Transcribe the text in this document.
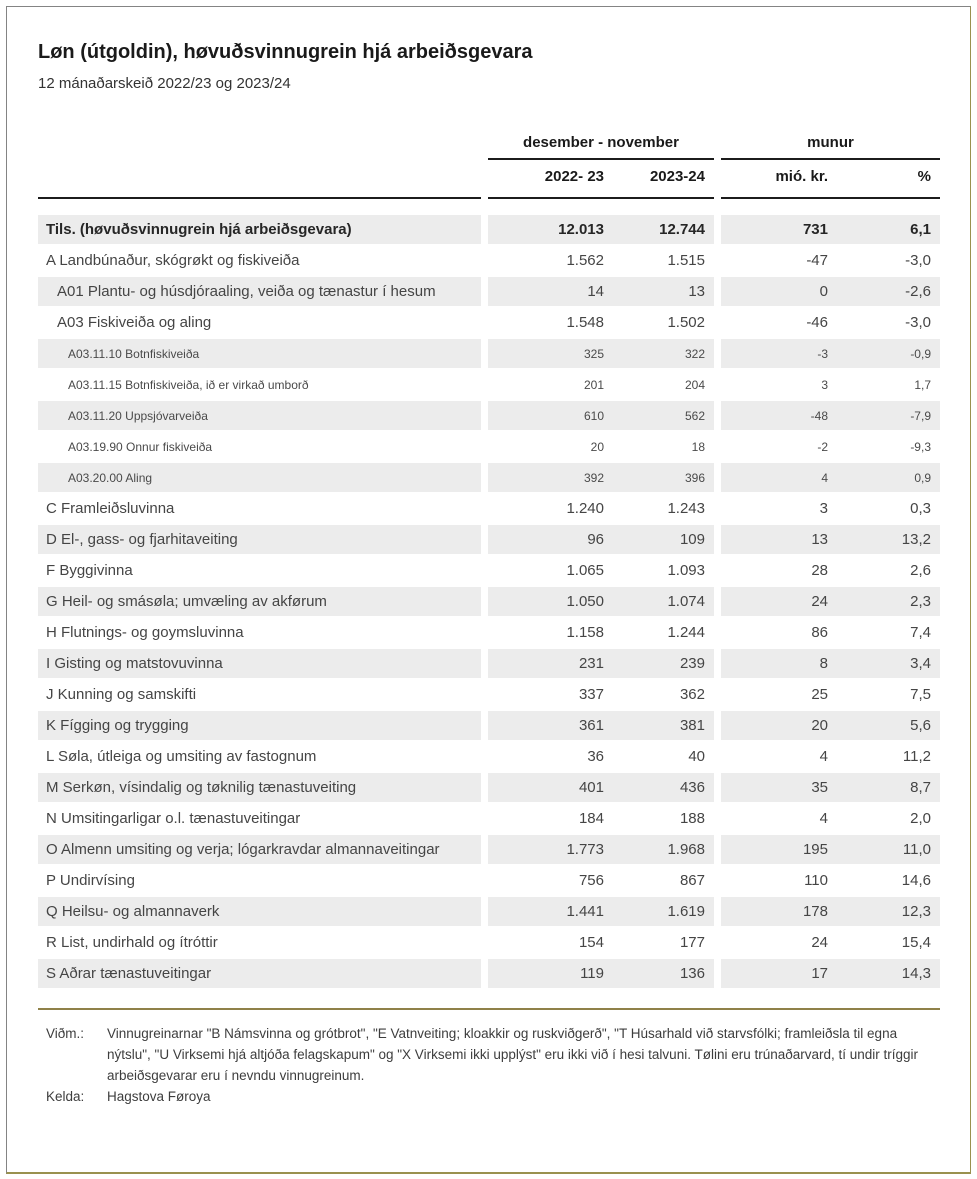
Løn (útgoldin), høvuðsvinnugrein hjá arbeiðsgevara
12 mánaðarskeið 2022/23 og 2023/24
desember - november	munur
2022- 23	2023-24	mió. kr.	%
Tils. (høvuðsvinnugrein hjá arbeiðsgevara)	12.013	12.744	731	6,1
A Landbúnaður, skógrøkt og fiskiveiða	1.562	1.515	-47	-3,0
A01 Plantu- og húsdjóraaling, veiða og tænastur í hesum	14	13	0	-2,6
A03 Fiskiveiða og aling	1.548	1.502	-46	-3,0
A03.11.10 Botnfiskiveiða	325	322	-3	-0,9
A03.11.15 Botnfiskiveiða, ið er virkað umborð	201	204	3	1,7
A03.11.20 Uppsjóvarveiða	610	562	-48	-7,9
A03.19.90 Onnur fiskiveiða	20	18	-2	-9,3
A03.20.00 Aling	392	396	4	0,9
C Framleiðsluvinna	1.240	1.243	3	0,3
D El-, gass- og fjarhitaveiting	96	109	13	13,2
F Byggivinna	1.065	1.093	28	2,6
G Heil- og smásøla; umvæling av akførum	1.050	1.074	24	2,3
H Flutnings- og goymsluvinna	1.158	1.244	86	7,4
I Gisting og matstovuvinna	231	239	8	3,4
J Kunning og samskifti	337	362	25	7,5
K Fígging og trygging	361	381	20	5,6
L Søla, útleiga og umsiting av fastognum	36	40	4	11,2
M Serkøn, vísindalig og tøknilig tænastuveiting	401	436	35	8,7
N Umsitingarligar o.l. tænastuveitingar	184	188	4	2,0
O Almenn umsiting og verja; lógarkravdar almannaveitingar	1.773	1.968	195	11,0
P Undirvísing	756	867	110	14,6
Q Heilsu- og almannaverk	1.441	1.619	178	12,3
R List, undirhald og ítróttir	154	177	24	15,4
S Aðrar tænastuveitingar	119	136	17	14,3
Viðm.:	Vinnugreinarnar "B Námsvinna og grótbrot", "E Vatnveiting; kloakkir og ruskviðgerð", "T Húsarhald við starvsfólki; framleiðsla til egna nýtslu", "U Virksemi hjá altjóða felagskapum" og "X Virksemi ikki upplýst" eru ikki við í hesi talvuni. Tølini eru trúnaðarvard, tí undir tríggir arbeiðsgevarar eru í nevndu vinnugreinum.
Kelda:	Hagstova Føroya
